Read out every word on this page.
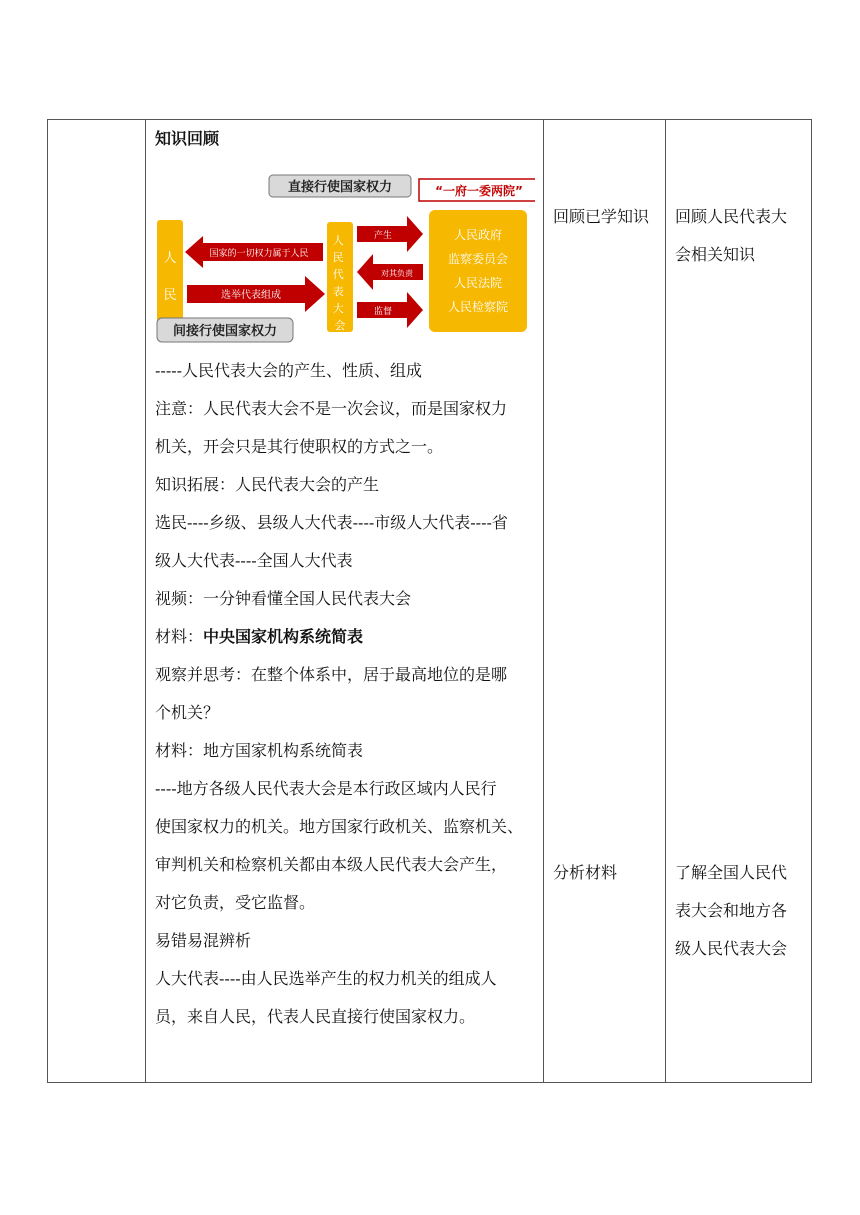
知识回顾

直接行使国家权力	“一府一委两院”
人
民
人 民 代 表 大 会
人民政府
监察委员会
人民法院
人民检察院
国家的一切权力属于人民
选举代表组成
产生
对其负责
监督
间接行使国家权力

-----人民代表大会的产生、性质、组成

注意：人民代表大会不是一次会议，而是国家权力

机关，开会只是其行使职权的方式之一。

知识拓展：人民代表大会的产生

选民----乡级、县级人大代表----市级人大代表----省

级人大代表----全国人大代表

视频：一分钟看懂全国人民代表大会

材料：中央国家机构系统简表

观察并思考：在整个体系中，居于最高地位的是哪

个机关？

材料：地方国家机构系统简表

----地方各级人民代表大会是本行政区域内人民行

使国家权力的机关。地方国家行政机关、监察机关、

审判机关和检察机关都由本级人民代表大会产生，

对它负责，受它监督。

易错易混辨析

人大代表----由人民选举产生的权力机关的组成人

员，来自人民，代表人民直接行使国家权力。

回顾已学知识
分析材料
回顾人民代表大
会相关知识
了解全国人民代
表大会和地方各
级人民代表大会
